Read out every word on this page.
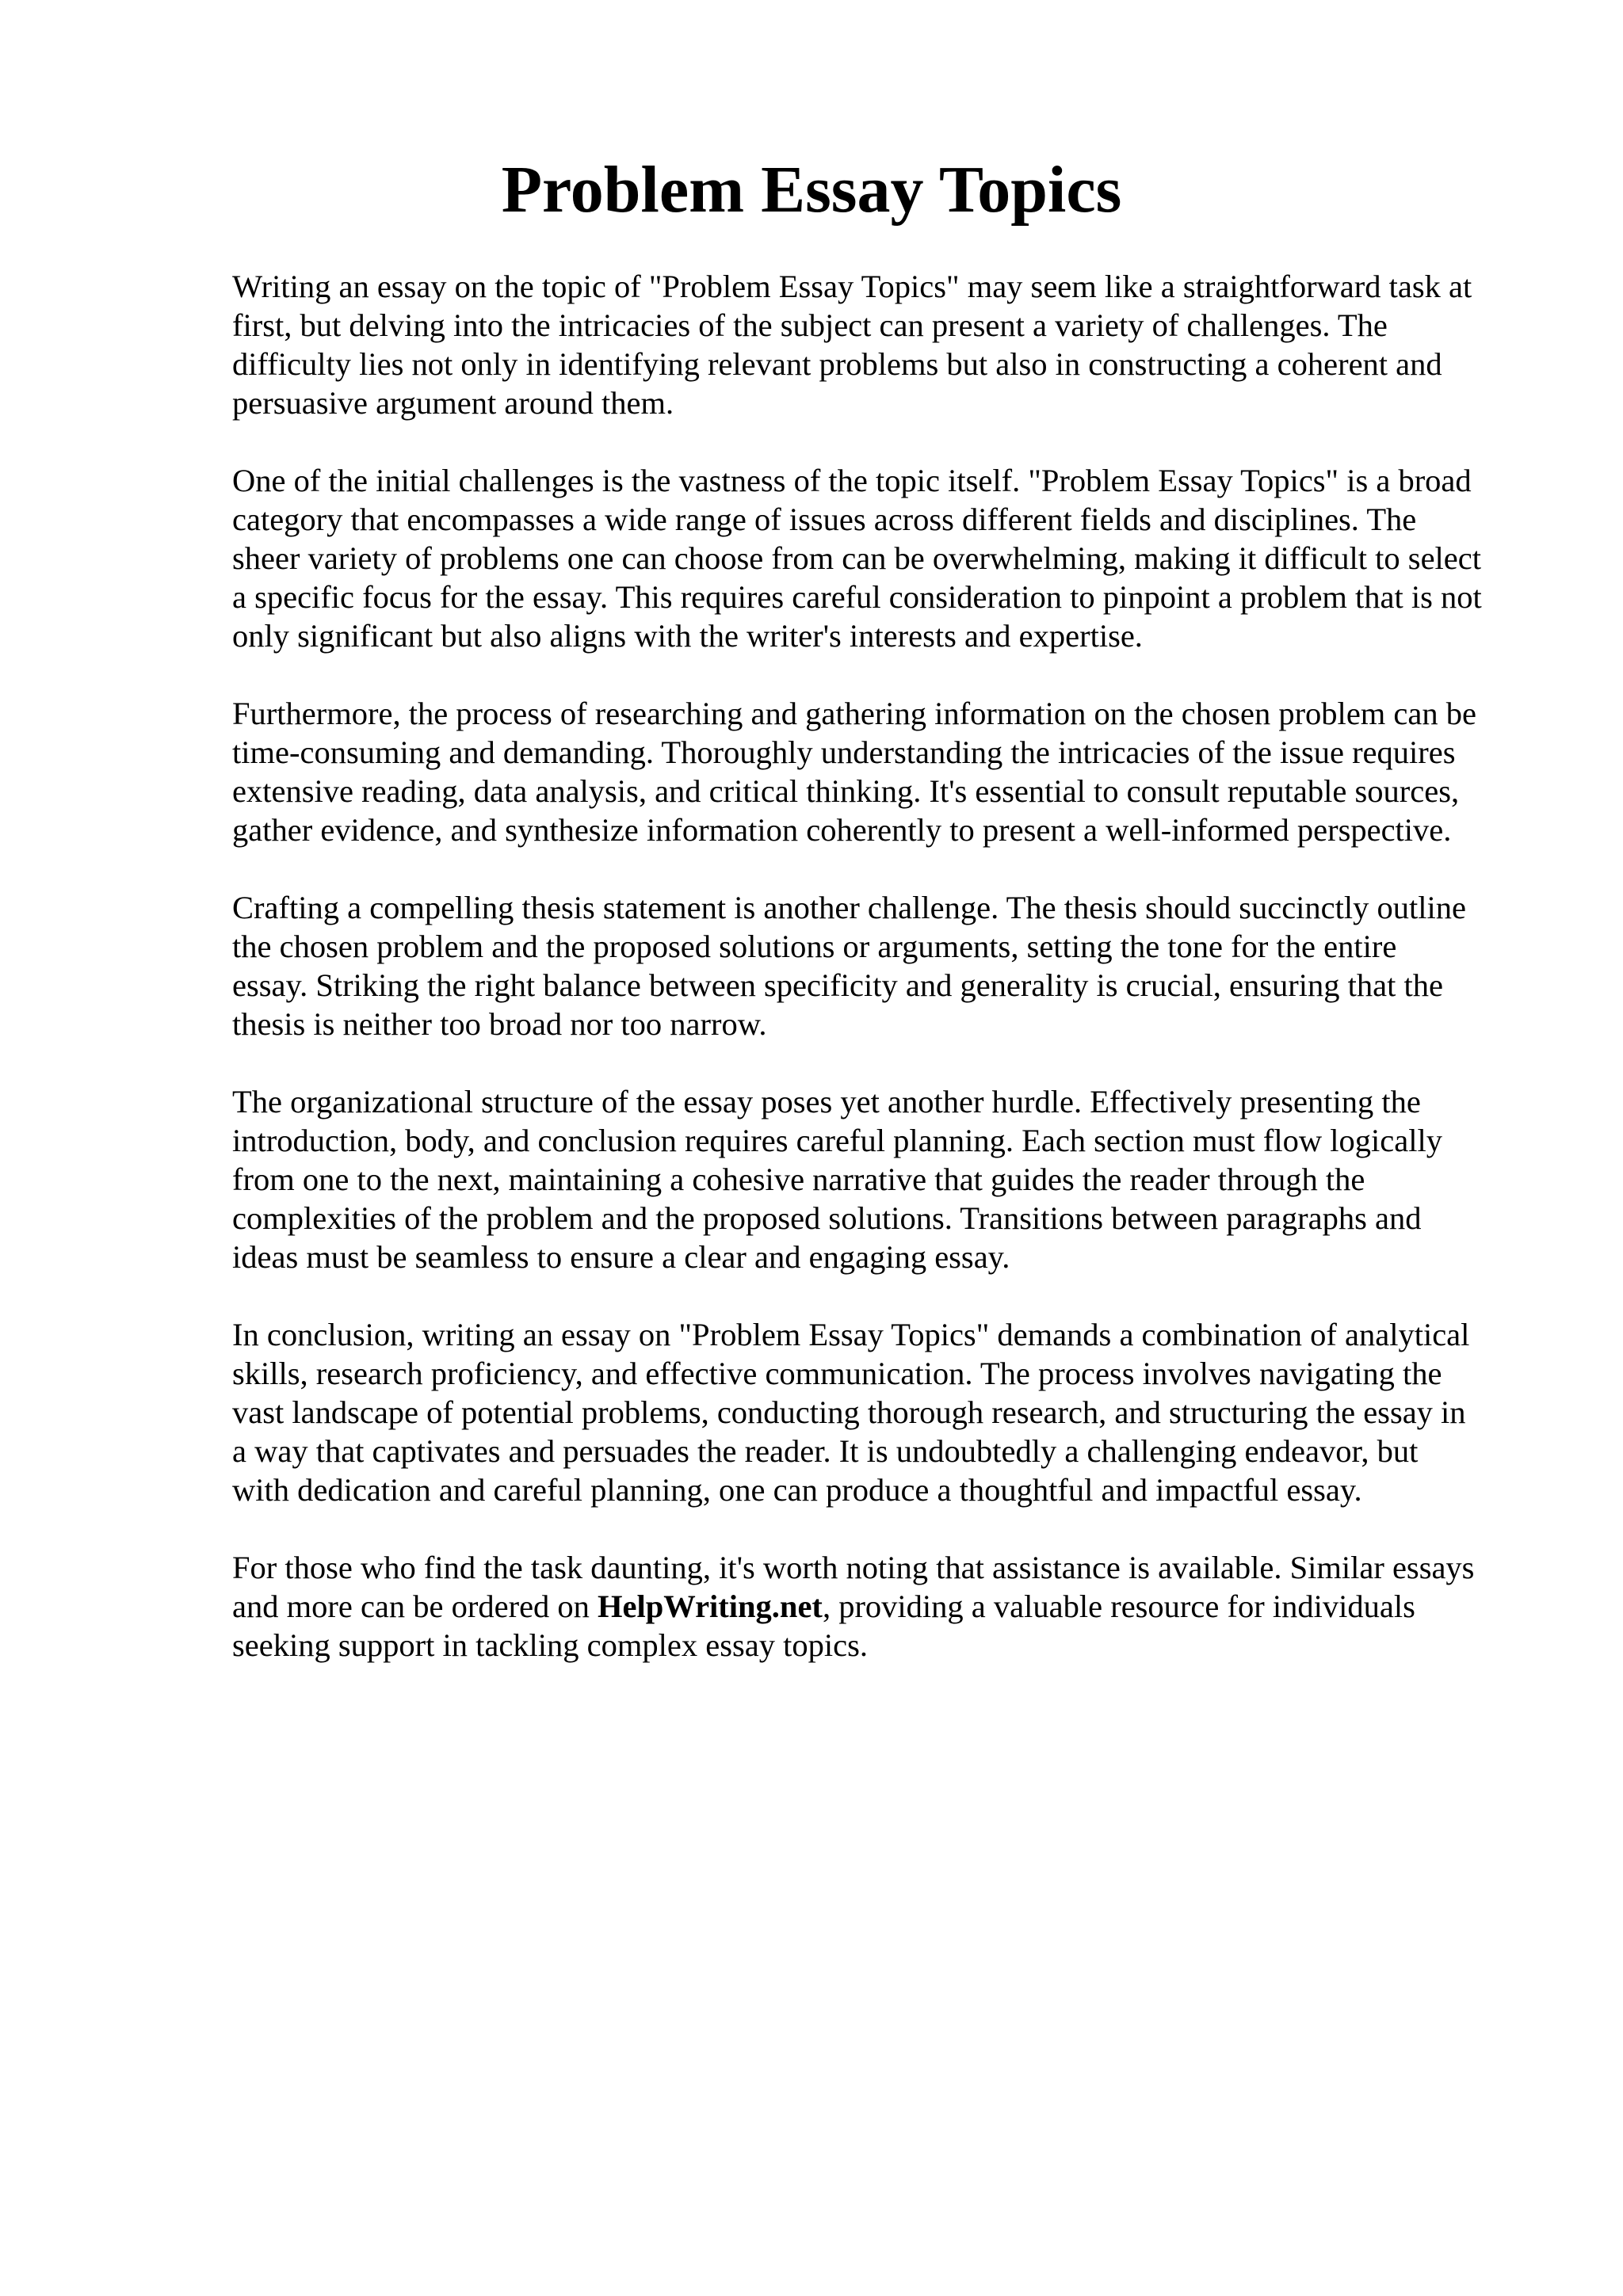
Problem Essay Topics

Writing an essay on the topic of "Problem Essay Topics" may seem like a straightforward task at
first, but delving into the intricacies of the subject can present a variety of challenges. The
difficulty lies not only in identifying relevant problems but also in constructing a coherent and
persuasive argument around them.

One of the initial challenges is the vastness of the topic itself. "Problem Essay Topics" is a broad
category that encompasses a wide range of issues across different fields and disciplines. The
sheer variety of problems one can choose from can be overwhelming, making it difficult to select
a specific focus for the essay. This requires careful consideration to pinpoint a problem that is not
only significant but also aligns with the writer's interests and expertise.

Furthermore, the process of researching and gathering information on the chosen problem can be
time-consuming and demanding. Thoroughly understanding the intricacies of the issue requires
extensive reading, data analysis, and critical thinking. It's essential to consult reputable sources,
gather evidence, and synthesize information coherently to present a well-informed perspective.

Crafting a compelling thesis statement is another challenge. The thesis should succinctly outline
the chosen problem and the proposed solutions or arguments, setting the tone for the entire
essay. Striking the right balance between specificity and generality is crucial, ensuring that the
thesis is neither too broad nor too narrow.

The organizational structure of the essay poses yet another hurdle. Effectively presenting the
introduction, body, and conclusion requires careful planning. Each section must flow logically
from one to the next, maintaining a cohesive narrative that guides the reader through the
complexities of the problem and the proposed solutions. Transitions between paragraphs and
ideas must be seamless to ensure a clear and engaging essay.

In conclusion, writing an essay on "Problem Essay Topics" demands a combination of analytical
skills, research proficiency, and effective communication. The process involves navigating the
vast landscape of potential problems, conducting thorough research, and structuring the essay in
a way that captivates and persuades the reader. It is undoubtedly a challenging endeavor, but
with dedication and careful planning, one can produce a thoughtful and impactful essay.

For those who find the task daunting, it's worth noting that assistance is available. Similar essays
and more can be ordered on HelpWriting.net, providing a valuable resource for individuals
seeking support in tackling complex essay topics.
